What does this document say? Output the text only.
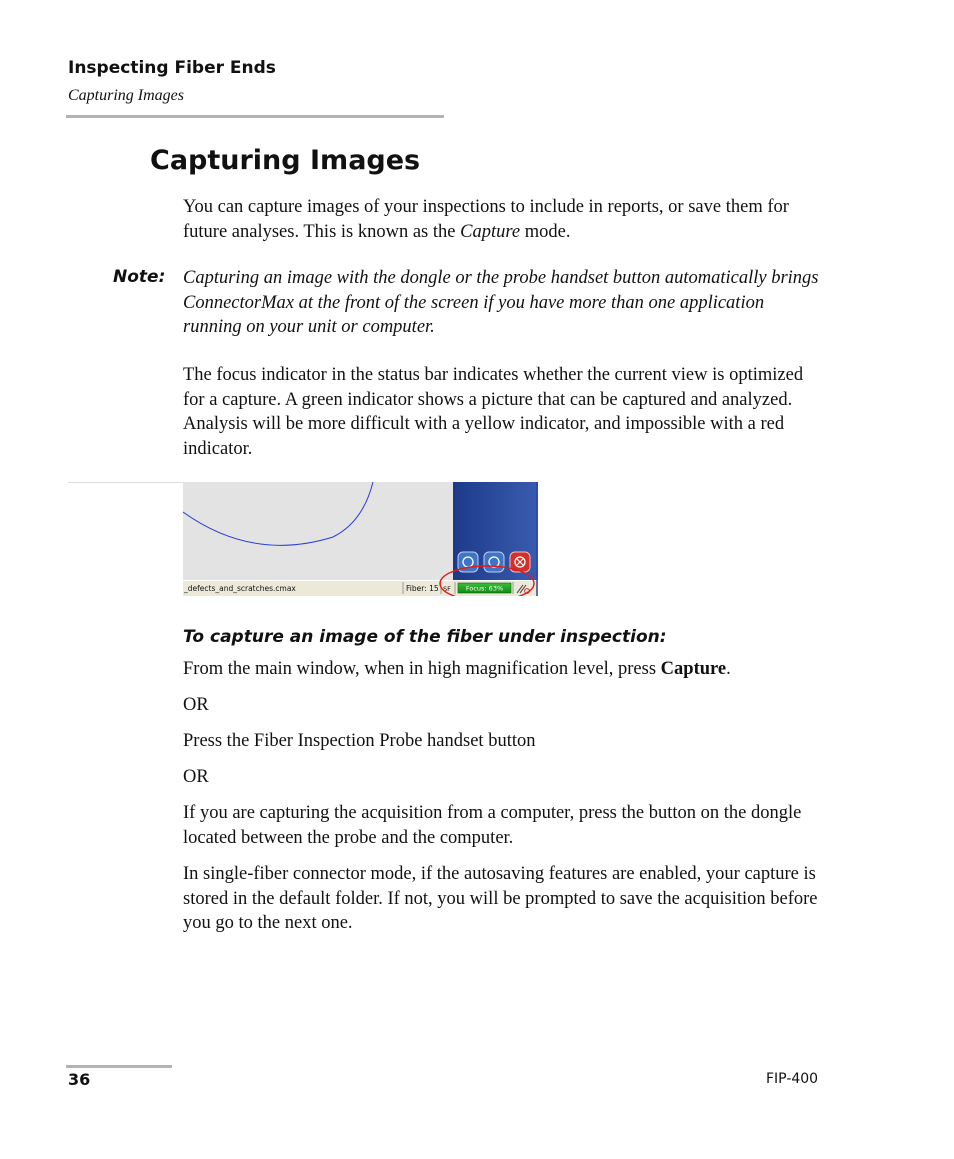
Inspecting Fiber Ends
Capturing Images
Capturing Images

You can capture images of your inspections to include in reports, or save them for future analyses. This is known as the Capture mode.

Note: Capturing an image with the dongle or the probe handset button automatically brings ConnectorMax at the front of the screen if you have more than one application running on your unit or computer.

The focus indicator in the status bar indicates whether the current view is optimized for a capture. A green indicator shows a picture that can be captured and analyzed. Analysis will be more difficult with a yellow indicator, and impossible with a red indicator.

_defects_and_scratches.cmax	Fiber: 15 SF Focus: 63%
To capture an image of the fiber under inspection:

From the main window, when in high magnification level, press Capture.

OR

Press the Fiber Inspection Probe handset button

OR

If you are capturing the acquisition from a computer, press the button on the dongle located between the probe and the computer.

In single-fiber connector mode, if the autosaving features are enabled, your capture is stored in the default folder. If not, you will be prompted to save the acquisition before you go to the next one.

36	FIP-400
